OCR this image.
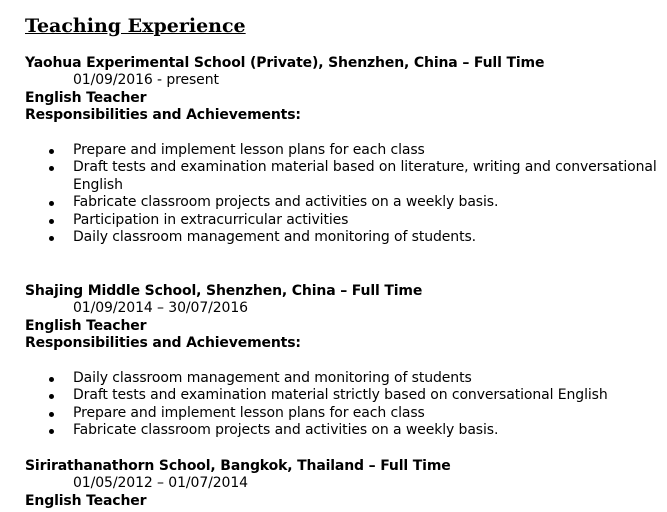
Teaching Experience
Yaohua Experimental School (Private), Shenzhen, China – Full Time
01/09/2016 - present
English Teacher
Responsibilities and Achievements:
Prepare and implement lesson plans for each class
Draft tests and examination material based on literature, writing and conversational English
Fabricate classroom projects and activities on a weekly basis.
Participation in extracurricular activities
Daily classroom management and monitoring of students.
Shajing Middle School, Shenzhen, China – Full Time
01/09/2014 – 30/07/2016
English Teacher
Responsibilities and Achievements:
Daily classroom management and monitoring of students
Draft tests and examination material strictly based on conversational English
Prepare and implement lesson plans for each class
Fabricate classroom projects and activities on a weekly basis.
Sirirathanathorn School, Bangkok, Thailand – Full Time
01/05/2012 – 01/07/2014
English Teacher
